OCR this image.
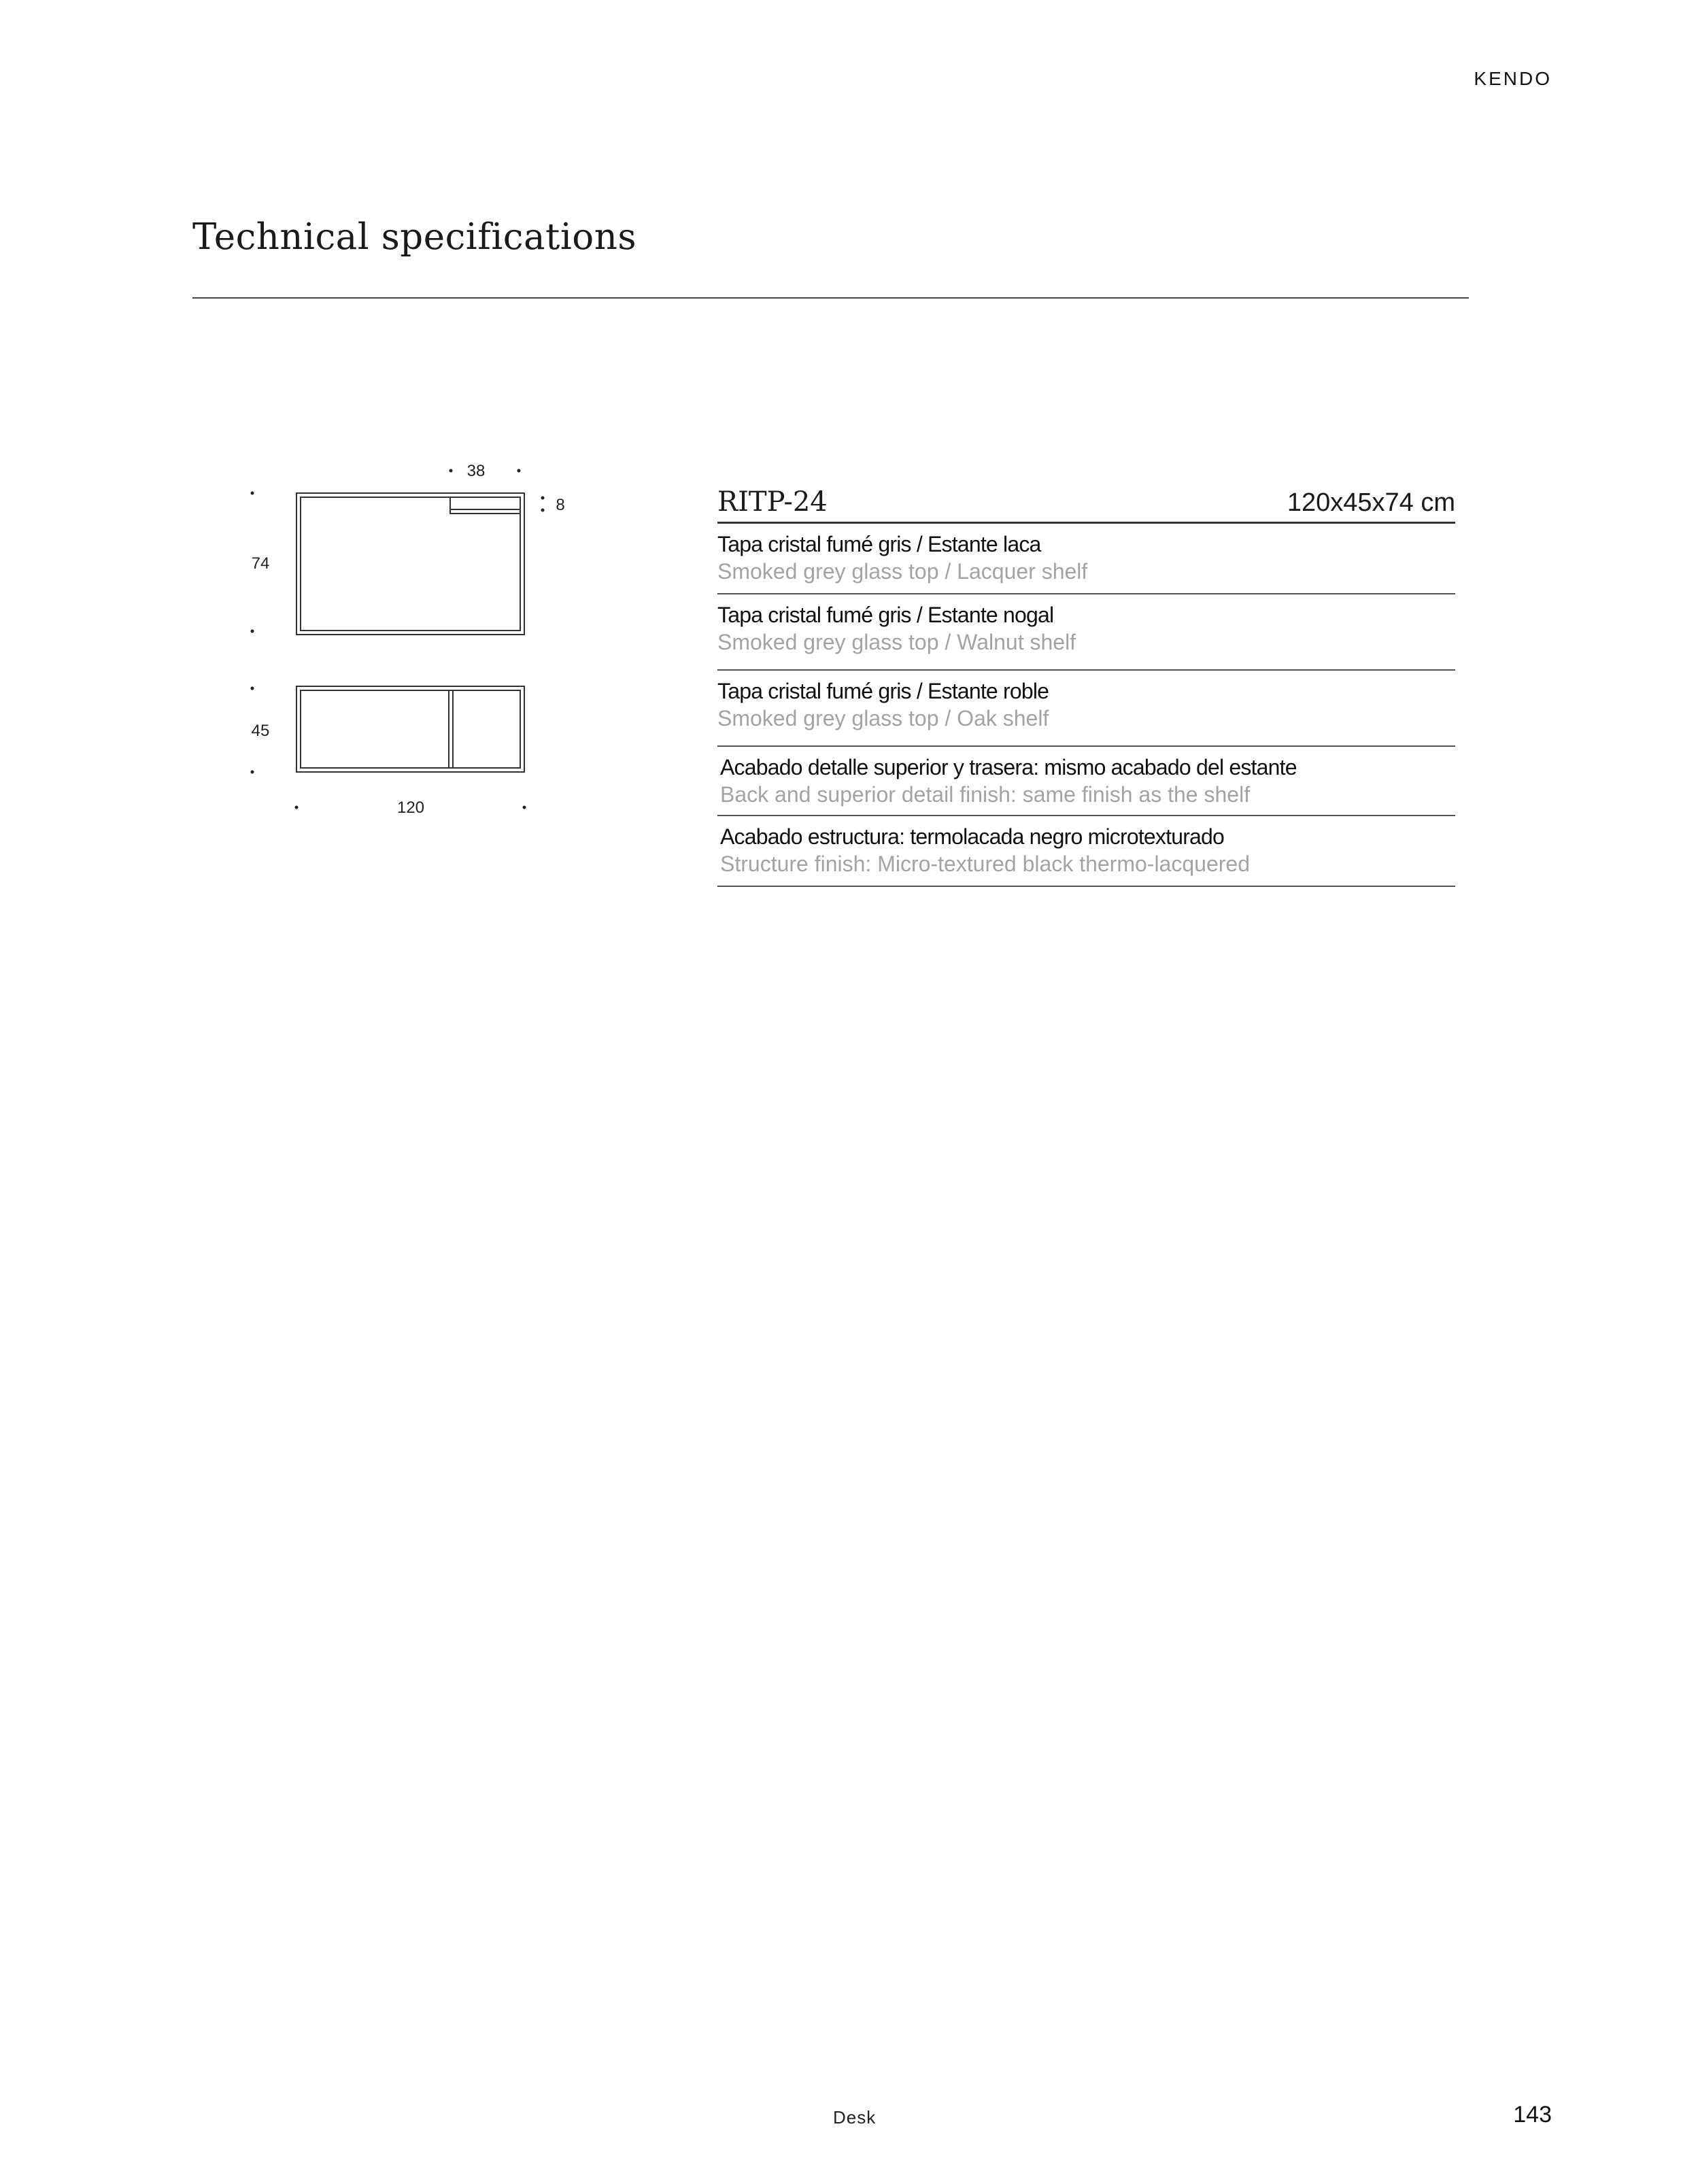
KENDO
Technical specifications
38
8
74
45
120
RITP-24	120x45x74 cm
Tapa cristal fumé gris / Estante laca
Smoked grey glass top / Lacquer shelf
Tapa cristal fumé gris / Estante nogal
Smoked grey glass top / Walnut shelf
Tapa cristal fumé gris / Estante roble
Smoked grey glass top / Oak shelf
Acabado detalle superior y trasera: mismo acabado del estante
Back and superior detail finish: same finish as the shelf
Acabado estructura: termolacada negro microtexturado
Structure finish: Micro-textured black thermo-lacquered
Desk	143
